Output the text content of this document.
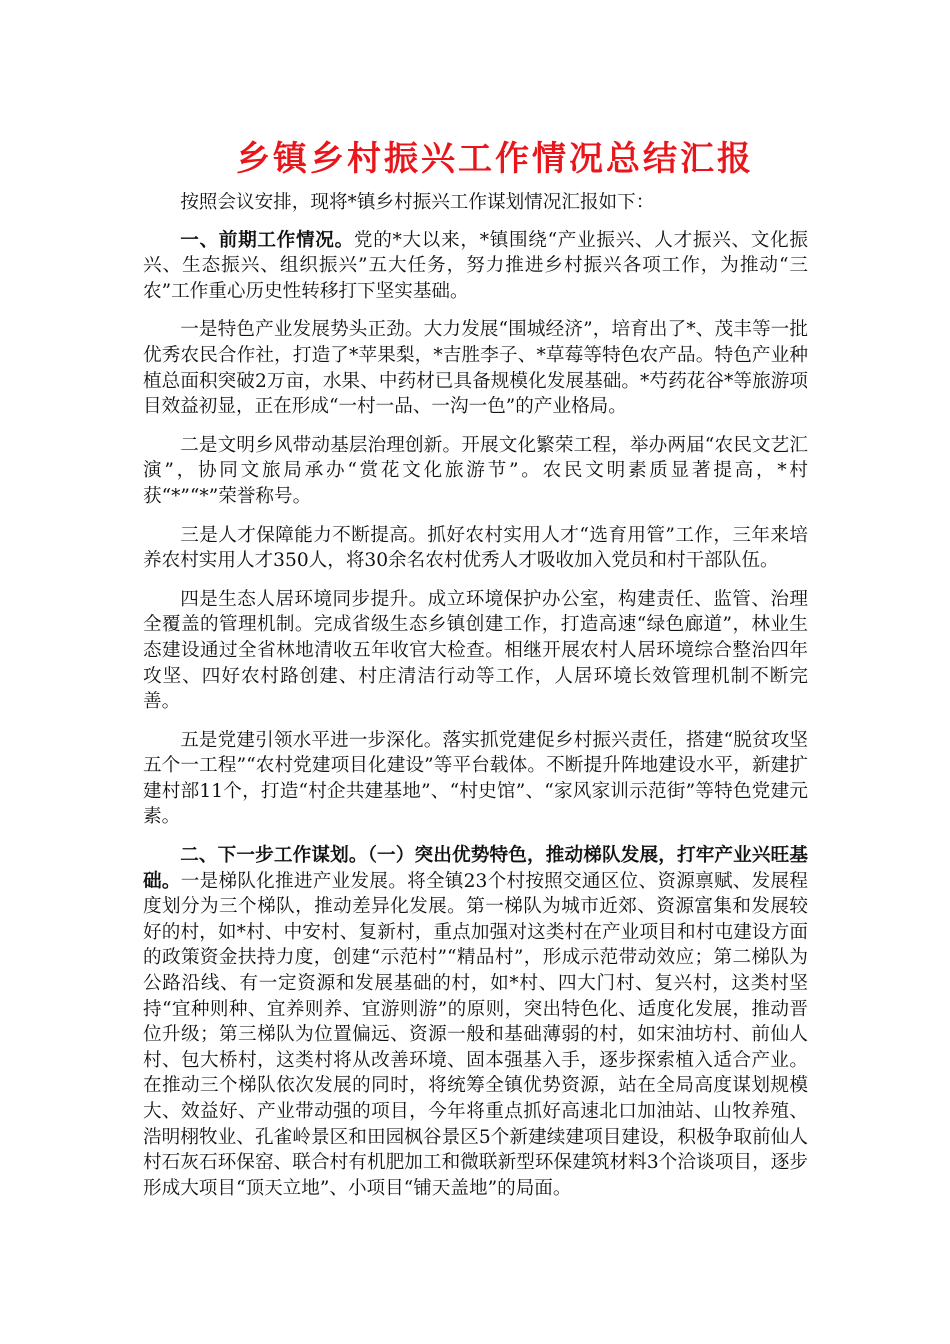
乡镇乡村振兴工作情况总结汇报

按照会议安排，现将*镇乡村振兴工作谋划情况汇报如下：

一、前期工作情况。党的*大以来，*镇围绕“产业振兴、人才振兴、文化振兴、生态振兴、组织振兴”五大任务，努力推进乡村振兴各项工作，为推动“三农”工作重心历史性转移打下坚实基础。

一是特色产业发展势头正劲。大力发展“围城经济”，培育出了*、茂丰等一批优秀农民合作社，打造了*苹果梨，*吉胜李子、*草莓等特色农产品。特色产业种植总面积突破2万亩，水果、中药材已具备规模化发展基础。*芍药花谷*等旅游项目效益初显，正在形成“一村一品、一沟一色”的产业格局。

二是文明乡风带动基层治理创新。开展文化繁荣工程，举办两届“农民文艺汇演”，协同文旅局承办“赏花文化旅游节”。农民文明素质显著提高，*村获“*”“*”荣誉称号。

三是人才保障能力不断提高。抓好农村实用人才“选育用管”工作，三年来培养农村实用人才350人，将30余名农村优秀人才吸收加入党员和村干部队伍。

四是生态人居环境同步提升。成立环境保护办公室，构建责任、监管、治理全覆盖的管理机制。完成省级生态乡镇创建工作，打造高速“绿色廊道”，林业生态建设通过全省林地清收五年收官大检查。相继开展农村人居环境综合整治四年攻坚、四好农村路创建、村庄清洁行动等工作，人居环境长效管理机制不断完善。

五是党建引领水平进一步深化。落实抓党建促乡村振兴责任，搭建“脱贫攻坚五个一工程”“农村党建项目化建设”等平台载体。不断提升阵地建设水平，新建扩建村部11个，打造“村企共建基地”、“村史馆”、“家风家训示范街”等特色党建元素。

二、下一步工作谋划。（一）突出优势特色，推动梯队发展，打牢产业兴旺基础。一是梯队化推进产业发展。将全镇23个村按照交通区位、资源禀赋、发展程度划分为三个梯队，推动差异化发展。第一梯队为城市近郊、资源富集和发展较好的村，如*村、中安村、复新村，重点加强对这类村在产业项目和村屯建设方面的政策资金扶持力度，创建“示范村”“精品村”，形成示范带动效应；第二梯队为公路沿线、有一定资源和发展基础的村，如*村、四大门村、复兴村，这类村坚持“宜种则种、宜养则养、宜游则游”的原则，突出特色化、适度化发展，推动晋位升级；第三梯队为位置偏远、资源一般和基础薄弱的村，如宋油坊村、前仙人村、包大桥村，这类村将从改善环境、固本强基入手，逐步探索植入适合产业。在推动三个梯队依次发展的同时，将统筹全镇优势资源，站在全局高度谋划规模大、效益好、产业带动强的项目，今年将重点抓好高速北口加油站、山牧养殖、浩明栩牧业、孔雀岭景区和田园枫谷景区5个新建续建项目建设，积极争取前仙人村石灰石环保窑、联合村有机肥加工和微联新型环保建筑材料3个洽谈项目，逐步形成大项目“顶天立地”、小项目“铺天盖地”的局面。
